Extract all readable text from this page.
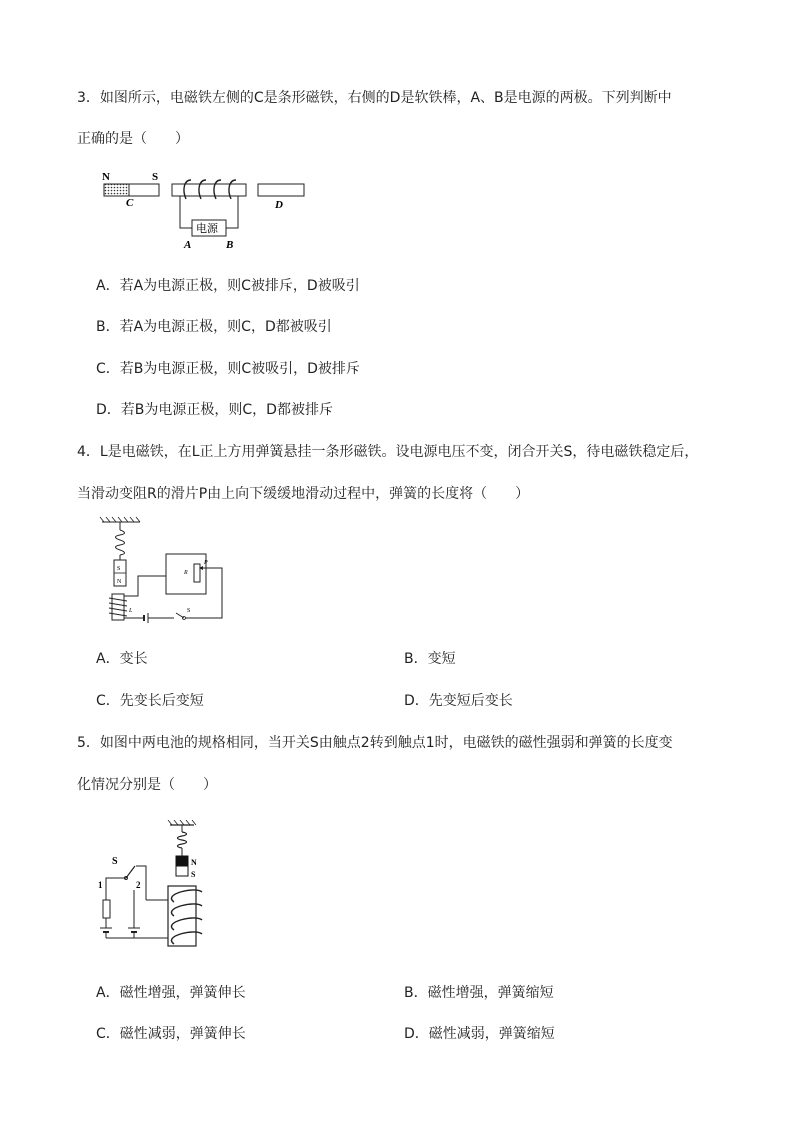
3．如图所示，电磁铁左侧的C是条形磁铁，右侧的D是软铁棒，A、B是电源的两极。下列判断中
正确的是（　　）
N	S
C
电源
A	B
D
A．若A为电源正极，则C被排斥，D被吸引
B．若A为电源正极，则C，D都被吸引
C．若B为电源正极，则C被吸引，D被排斥
D．若B为电源正极，则C，D都被排斥
4．L是电磁铁，在L正上方用弹簧悬挂一条形磁铁。设电源电压不变，闭合开关S，待电磁铁稳定后，
当滑动变阻R的滑片P由上向下缓缓地滑动过程中，弹簧的长度将（　　）
S
N
L
R
P
S
A．变长	B．变短
C．先变长后变短	D．先变短后变长
5．如图中两电池的规格相同，当开关S由触点2转到触点1时，电磁铁的磁性强弱和弹簧的长度变
化情况分别是（　　）
N
S
S
1	2
A．磁性增强，弹簧伸长	B．磁性增强，弹簧缩短
C．磁性减弱，弹簧伸长	D．磁性减弱，弹簧缩短
